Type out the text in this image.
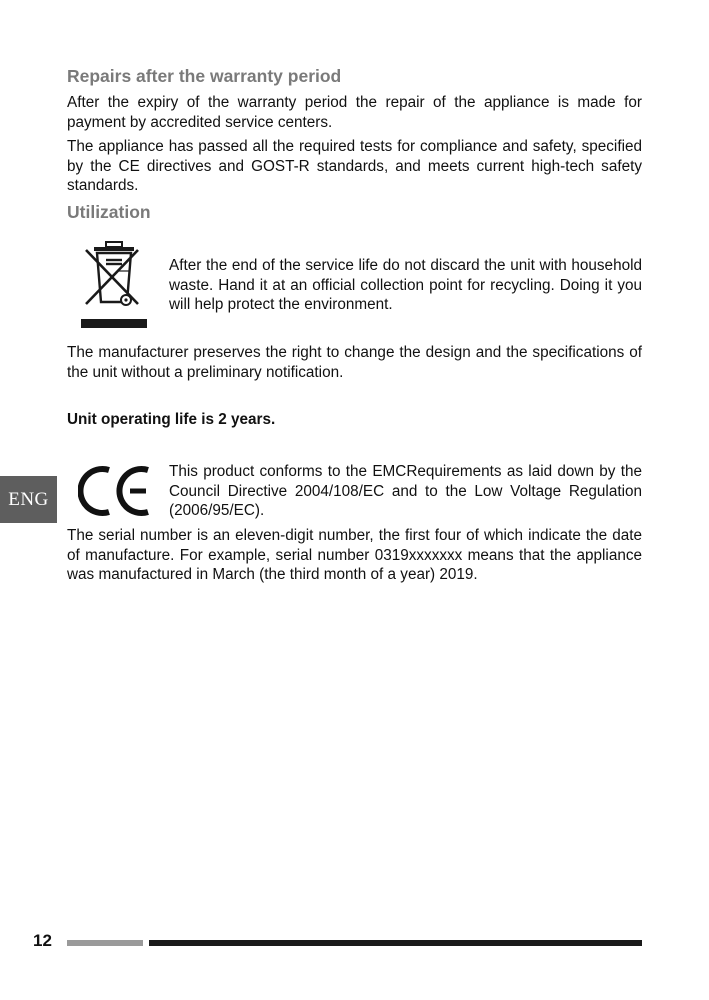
Repairs after the warranty period

After the expiry of the warranty period the repair of the appliance is made for payment by accredited service centers.

The appliance has passed all the required tests for compliance and safety, specified by the CE directives and GOST-R standards, and meets current high-tech safety standards.

Utilization

After the end of the service life do not discard the unit with household waste. Hand it at an official collection point for recycling. Doing it you will help protect the environment.

The manufacturer preserves the right to change the design and the specifications of the unit without a preliminary notification.

Unit operating life is 2 years.

This product conforms to the EMCRequirements as laid down by the Council Directive 2004/108/EC and to the Low Voltage Regulation (2006/95/EC).

The serial number is an eleven-digit number, the first four of which indicate the date of manufacture. For example, serial number 0319xxxxxxx means that the appliance was manufactured in March (the third month of a year) 2019.

ENG
12
